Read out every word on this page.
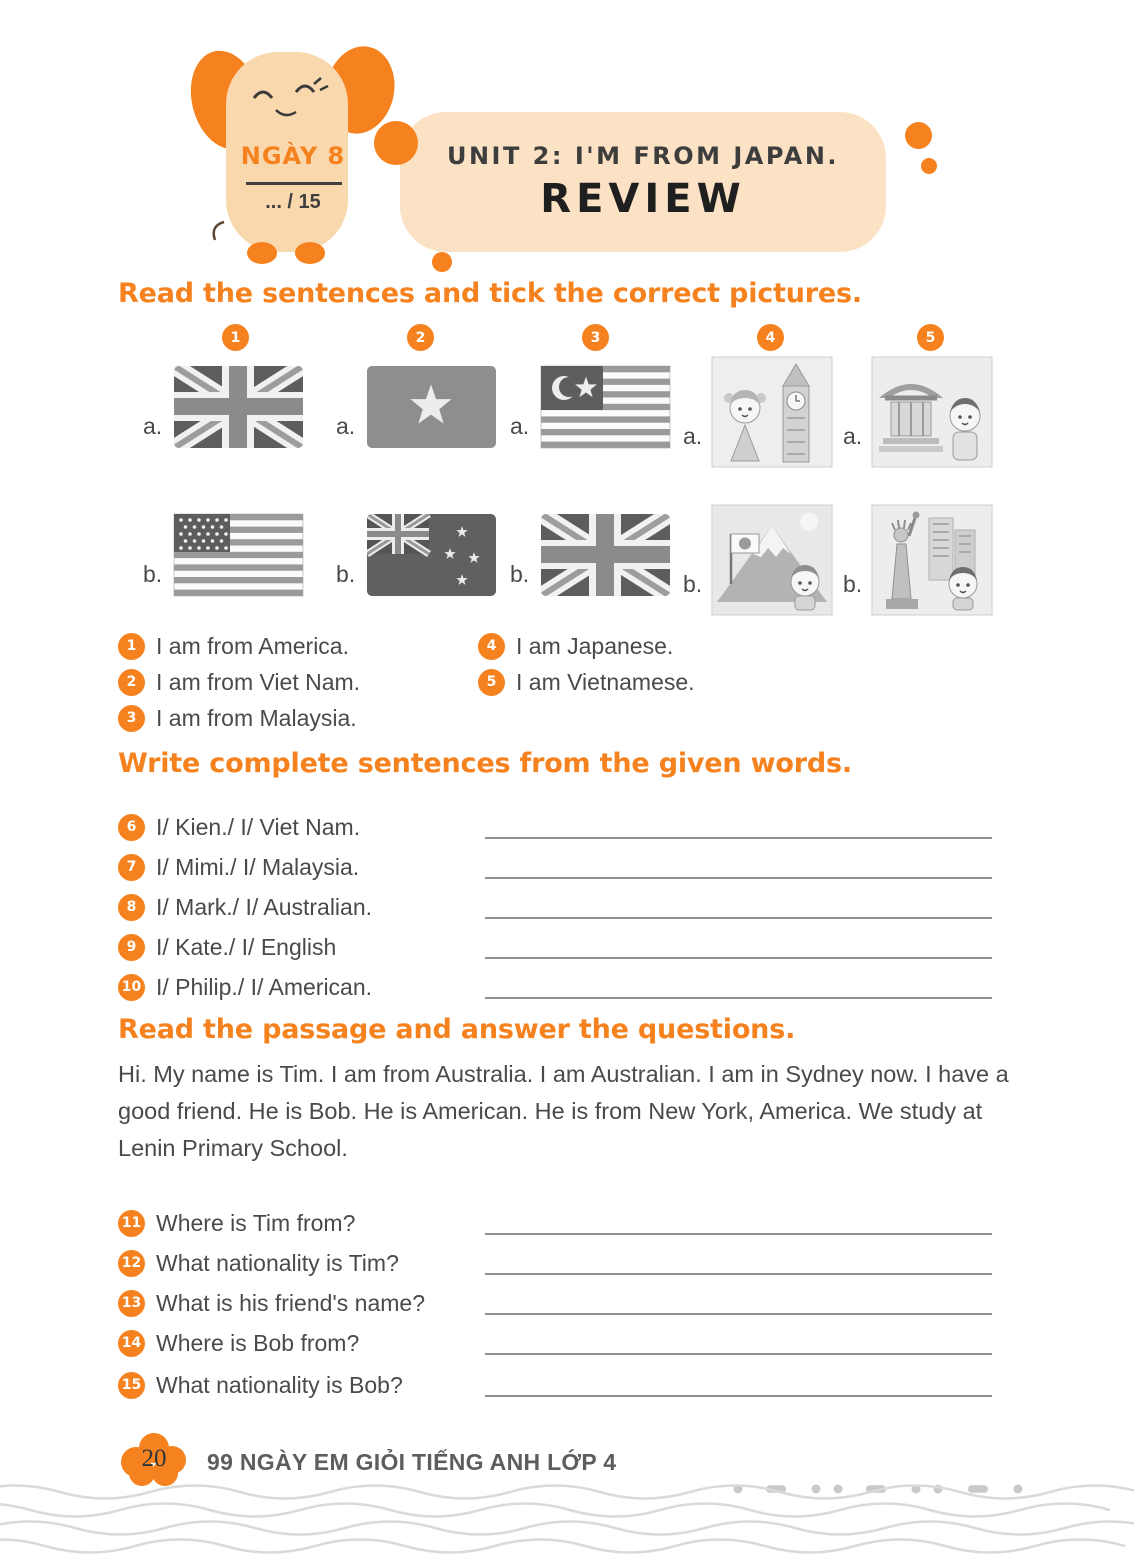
NGÀY 8
... / 15
UNIT 2: I'M FROM JAPAN.
REVIEW
Read the sentences and tick the correct pictures.
1	2	3	4	5
a.	a.	a.	a.	a.
b.	b.	b.	b.	b.
1 I am from America.
2 I am from Viet Nam.
3 I am from Malaysia.
4 I am Japanese.
5 I am Vietnamese.
Write complete sentences from the given words.
6 I/ Kien./ I/ Viet Nam.
7 I/ Mimi./ I/ Malaysia.
8 I/ Mark./ I/ Australian.
9 I/ Kate./ I/ English
10 I/ Philip./ I/ American.
Read the passage and answer the questions.

Hi. My name is Tim. I am from Australia. I am Australian. I am in Sydney now. I have a good friend. He is Bob. He is American. He is from New York, America. We study at Lenin Primary School.

11 Where is Tim from?
12 What nationality is Tim?
13 What is his friend's name?
14 Where is Bob from?
15 What nationality is Bob?
20	99 NGÀY EM GIỎI TIẾNG ANH LỚP 4
